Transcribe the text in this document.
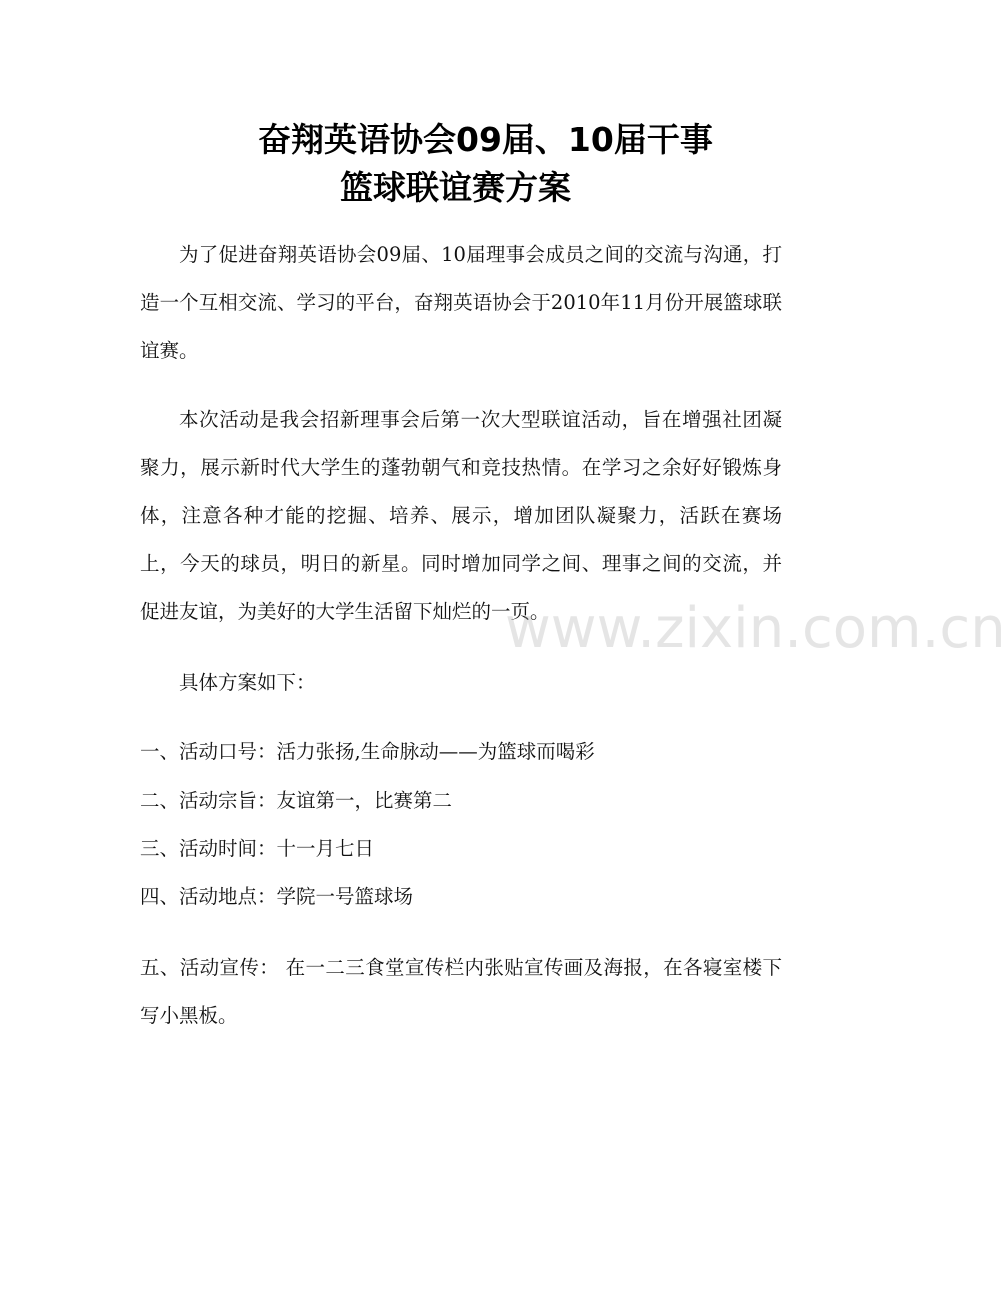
奋翔英语协会09届、10届干事
篮球联谊赛方案

为了促进奋翔英语协会09届、10届理事会成员之间的交流与沟通，打造一个互相交流、学习的平台，奋翔英语协会于2010年11月份开展篮球联谊赛。

本次活动是我会招新理事会后第一次大型联谊活动，旨在增强社团凝聚力，展示新时代大学生的蓬勃朝气和竞技热情。在学习之余好好锻炼身体，注意各种才能的挖掘、培养、展示，增加团队凝聚力，活跃在赛场上，今天的球员，明日的新星。同时增加同学之间、理事之间的交流，并促进友谊，为美好的大学生活留下灿烂的一页。

具体方案如下：

一、活动口号：活力张扬,生命脉动——为篮球而喝彩

二、活动宗旨：友谊第一，比赛第二

三、活动时间：十一月七日

四、活动地点：学院一号篮球场

五、活动宣传： 在一二三食堂宣传栏内张贴宣传画及海报，在各寝室楼下写小黑板。

www.zixin.com.cn
